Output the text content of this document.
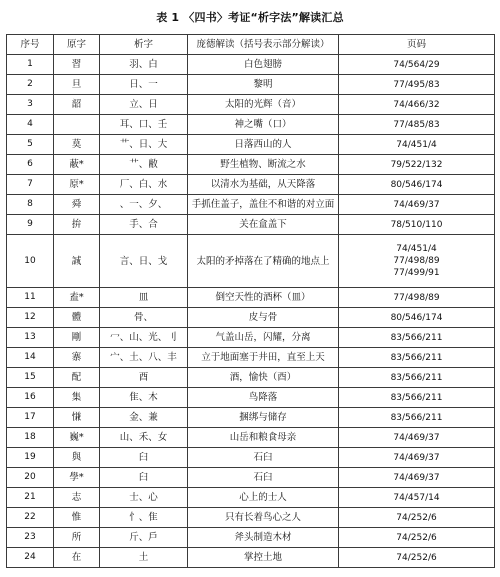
表 1 〈四书〉考证“析字法”解读汇总
序号	原字	析字	庞德解读（括号表示部分解读）	页码
1	習	羽、白	白色翅膀	74/564/29

2	旦	日、一	黎明	77/495/83

3	韶	立、日	太阳的光辉（音）	74/466/32

4		耳、口、壬	神之嘴（口）	77/485/83

5	莫	艹、日、大	日落西山的人	74/451/4

6	蔽*	艹、敝	野生植物、断流之水	79/522/132

7	原*	厂、白、水	以清水为基础，从天降落	80/546/174

8	舜	、一、夕、	手抓住盖子，盖住不和谐的对立面	74/469/37

9	拚	手、合	关在盒盖下	78/510/110

10	誠	言、日、戈	太阳的矛掉落在了精确的地点上	74/451/4
77/498/89
77/499/91

11	盍*	皿	倒空天性的酒杯（皿）	77/498/89

12	體	骨、	皮与骨	80/546/174

13	剛	冖、山、光、刂	气盖山岳，闪耀，分离	83/566/211

14	寨	宀、土、八、丰	立于地面塞于井田，直至上天	83/566/211

15	配	酉	酒，愉快（酉）	83/566/211

16	集	隹、木	鸟降落	83/566/211

17	慊	金、兼	捆绑与储存	83/566/211

18	巍*	山、禾、女	山岳和粮食母亲	74/469/37

19	與	臼	石臼	74/469/37

20	學*	臼	石臼	74/469/37

21	志	士、心	心上的士人	74/457/14

22	惟	忄、隹	只有长着鸟心之人	74/252/6

23	所	斤、戶	斧头制造木材	74/252/6

24	在	土	掌控土地	74/252/6
